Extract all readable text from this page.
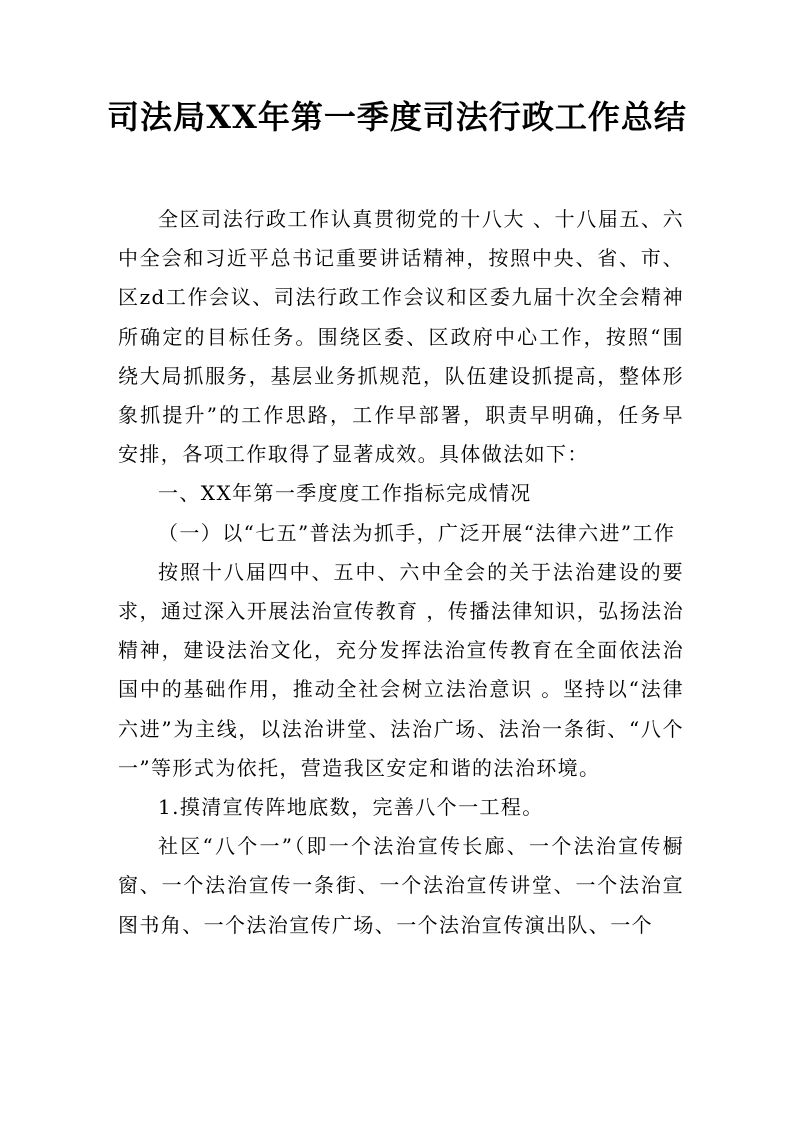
司法局XX年第一季度司法行政工作总结

全区司法行政工作认真贯彻党的十八大 、十八届五、六中全会和习近平总书记重要讲话精神，按照中央、省、市、区zd工作会议、司法行政工作会议和区委九届十次全会精神所确定的目标任务。围绕区委、区政府中心工作，按照“围绕大局抓服务，基层业务抓规范，队伍建设抓提高，整体形象抓提升”的工作思路，工作早部署，职责早明确，任务早安排，各项工作取得了显著成效。具体做法如下：

一、XX年第一季度度工作指标完成情况

（一）以“七五”普法为抓手，广泛开展“法律六进”工作

按照十八届四中、五中、六中全会的关于法治建设的要求，通过深入开展法治宣传教育 ，传播法律知识，弘扬法治精神，建设法治文化，充分发挥法治宣传教育在全面依法治国中的基础作用，推动全社会树立法治意识 。坚持以“法律六进”为主线，以法治讲堂、法治广场、法治一条街、“八个一”等形式为依托，营造我区安定和谐的法治环境。

1.摸清宣传阵地底数，完善八个一工程。

社区“八个一”（即一个法治宣传长廊、一个法治宣传橱窗、一个法治宣传一条街、一个法治宣传讲堂、一个法治宣图书角、一个法治宣传广场、一个法治宣传演出队、一个
